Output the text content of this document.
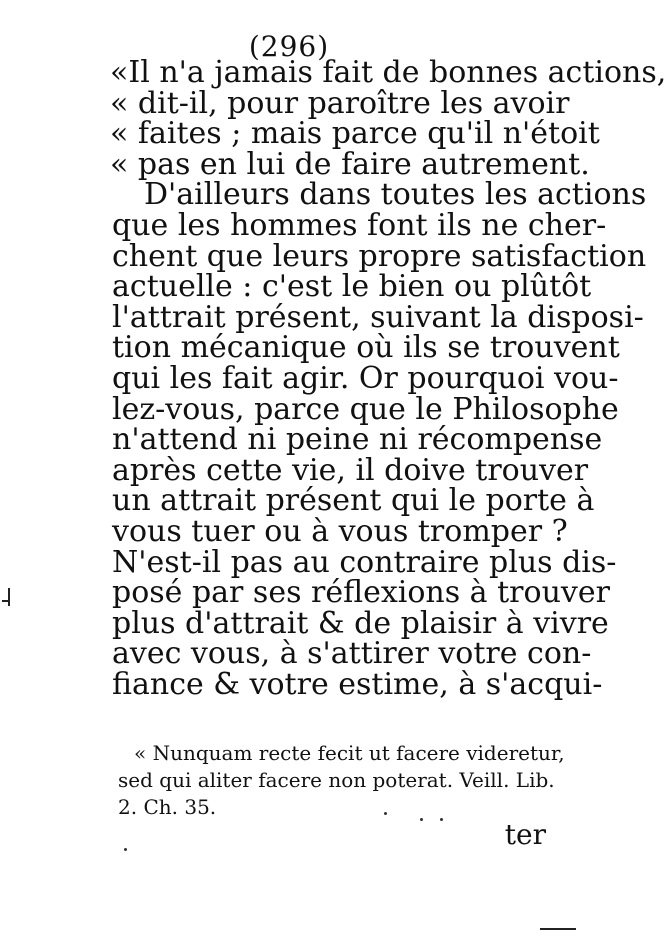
(296)
«Il n'a jamais fait de bonnes actions,
« dit-il, pour paroître les avoir
« faites ; mais parce qu'il n'étoit
« pas en lui de faire autrement.
D'ailleurs dans toutes les actions
que les hommes font ils ne cher-
chent que leurs propre satisfaction
actuelle : c'est le bien ou plûtôt
l'attrait présent, suivant la disposi-
tion mécanique où ils se trouvent
qui les fait agir. Or pourquoi vou-
lez-vous, parce que le Philosophe
n'attend ni peine ni récompense
après cette vie, il doive trouver
un attrait présent qui le porte à
vous tuer ou à vous tromper ?
N'est-il pas au contraire plus dis-
posé par ses réflexions à trouver
plus d'attrait & de plaisir à vivre
avec vous, à s'attirer votre con-
fiance & votre estime, à s'acqui-
« Nunquam recte fecit ut facere videretur,
sed qui aliter facere non poterat. Veill. Lib.
2. Ch. 35.
ter
